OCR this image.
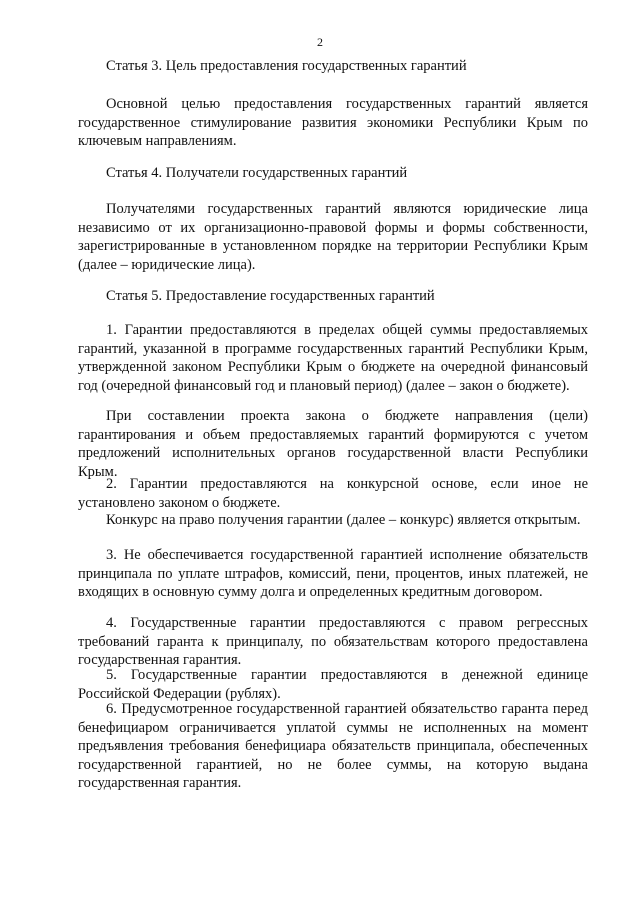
2
Статья 3. Цель предоставления государственных гарантий

Основной целью предоставления государственных гарантий является государственное стимулирование развития экономики Республики Крым по ключевым направлениям.

Статья 4. Получатели государственных гарантий

Получателями государственных гарантий являются юридические лица независимо от их организационно-правовой формы и формы собственности, зарегистрированные в установленном порядке на территории Республики Крым (далее – юридические лица).

Статья 5. Предоставление государственных гарантий

1. Гарантии предоставляются в пределах общей суммы предоставляемых гарантий, указанной в программе государственных гарантий Республики Крым, утвержденной законом Республики Крым о бюджете на очередной финансовый год (очередной финансовый год и плановый период) (далее – закон о бюджете).

При составлении проекта закона о бюджете направления (цели) гарантирования и объем предоставляемых гарантий формируются с учетом предложений исполнительных органов государственной власти Республики Крым.

2. Гарантии предоставляются на конкурсной основе, если иное не установлено законом о бюджете.

Конкурс на право получения гарантии (далее – конкурс) является открытым.

3. Не обеспечивается государственной гарантией исполнение обязательств принципала по уплате штрафов, комиссий, пени, процентов, иных платежей, не входящих в основную сумму долга и определенных кредитным договором.

4. Государственные гарантии предоставляются с правом регрессных требований гаранта к принципалу, по обязательствам которого предоставлена государственная гарантия.

5. Государственные гарантии предоставляются в денежной единице Российской Федерации (рублях).

6. Предусмотренное государственной гарантией обязательство гаранта перед бенефициаром ограничивается уплатой суммы не исполненных на момент предъявления требования бенефициара обязательств принципала, обеспеченных государственной гарантией, но не более суммы, на которую выдана государственная гарантия.
